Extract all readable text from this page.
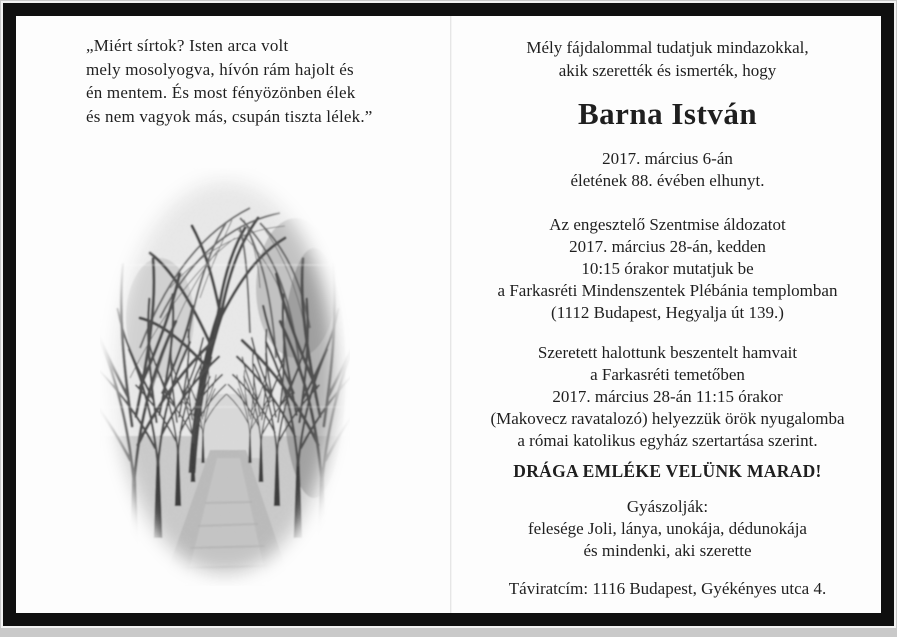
„Miért sírtok? Isten arca volt

mely mosolyogva, hívón rám hajolt és

én mentem. És most fényözönben élek

és nem vagyok más, csupán tiszta lélek.”

Mély fájdalommal tudatjuk mindazokkal,

akik szerették és ismerték, hogy

Barna István

2017. március 6-án

életének 88. évében elhunyt.

Az engesztelő Szentmise áldozatot

2017. március 28-án, kedden

10:15 órakor mutatjuk be

a Farkasréti Mindenszentek Plébánia templomban

(1112 Budapest, Hegyalja út 139.)

Szeretett halottunk beszentelt hamvait

a Farkasréti temetőben

2017. március 28-án 11:15 órakor

(Makovecz ravatalozó) helyezzük örök nyugalomba

a római katolikus egyház szertartása szerint.

DRÁGA EMLÉKE VELÜNK MARAD!

Gyászolják:

felesége Joli, lánya, unokája, dédunokája

és mindenki, aki szerette

Táviratcím: 1116 Budapest, Gyékényes utca 4.
